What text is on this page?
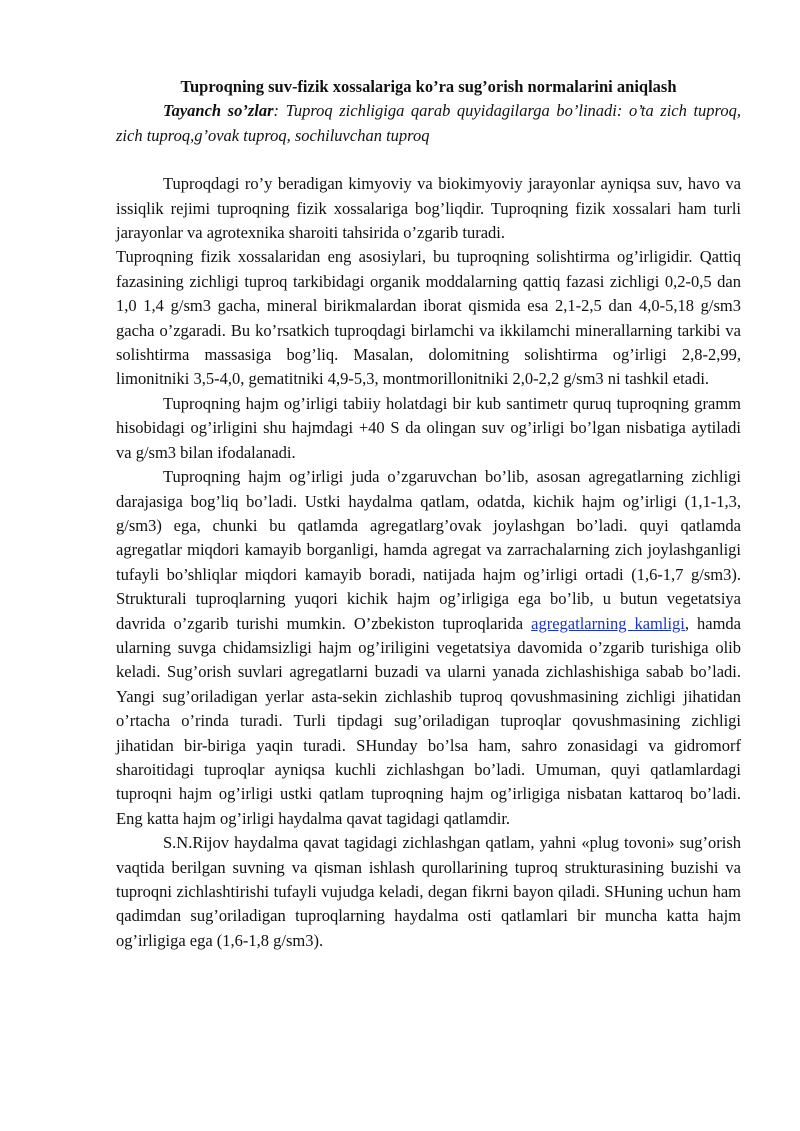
Tuproqning suv-fizik xossalariga ko’ra sug’orish normalarini aniqlash

Tayanch so’zlar: Tuproq zichligiga qarab quyidagilarga bo’linadi: o’ta zich tuproq, zich tuproq,g’ovak tuproq, sochiluvchan tuproq

Tuproqdagi ro’y beradigan kimyoviy va biokimyoviy jarayonlar ayniqsa suv, havo va issiqlik rejimi tuproqning fizik xossalariga bog’liqdir. Tuproqning fizik xossalari ham turli jarayonlar va agrotexnika sharoiti tahsirida o’zgarib turadi.

Tuproqning fizik xossalaridan eng asosiylari, bu tuproqning solishtirma og’irligidir. Qattiq fazasining zichligi tuproq tarkibidagi organik moddalarning qattiq fazasi zichligi 0,2-0,5 dan 1,0 1,4 g/sm3 gacha, mineral birikmalardan iborat qismida esa 2,1-2,5 dan 4,0-5,18 g/sm3 gacha o’zgaradi. Bu ko’rsatkich tuproqdagi birlamchi va ikkilamchi minerallarning tarkibi va solishtirma massasiga bog’liq. Masalan, dolomitning solishtirma og’irligi 2,8-2,99, limonitniki 3,5-4,0, gematitniki 4,9-5,3, montmorillonitniki 2,0-2,2 g/sm3 ni tashkil etadi.

Tuproqning hajm og’irligi tabiiy holatdagi bir kub santimetr quruq tuproqning gramm hisobidagi og’irligini shu hajmdagi +40 S da olingan suv og’irligi bo’lgan nisbatiga aytiladi va g/sm3 bilan ifodalanadi.

Tuproqning hajm og’irligi juda o’zgaruvchan bo’lib, asosan agregatlarning zichligi darajasiga bog’liq bo’ladi. Ustki haydalma qatlam, odatda, kichik hajm og’irligi (1,1-1,3, g/sm3) ega, chunki bu qatlamda agregatlarg’ovak joylashgan bo’ladi. quyi qatlamda agregatlar miqdori kamayib borganligi, hamda agregat va zarrachalarning zich joylashganligi tufayli bo’shliqlar miqdori kamayib boradi, natijada hajm og’irligi ortadi (1,6-1,7 g/sm3). Strukturali tuproqlarning yuqori kichik hajm og’irligiga ega bo’lib, u butun vegetatsiya davrida o’zgarib turishi mumkin. O’zbekiston tuproqlarida agregatlarning kamligi, hamda ularning suvga chidamsizligi hajm og’iriligini vegetatsiya davomida o’zgarib turishiga olib keladi. Sug’orish suvlari agregatlarni buzadi va ularni yanada zichlashishiga sabab bo’ladi. Yangi sug’oriladigan yerlar asta-sekin zichlashib tuproq qovushmasining zichligi jihatidan o’rtacha o’rinda turadi. Turli tipdagi sug’oriladigan tuproqlar qovushmasining zichligi jihatidan bir-biriga yaqin turadi. SHunday bo’lsa ham, sahro zonasidagi va gidromorf sharoitidagi tuproqlar ayniqsa kuchli zichlashgan bo’ladi. Umuman, quyi qatlamlardagi tuproqni hajm og’irligi ustki qatlam tuproqning hajm og’irligiga nisbatan kattaroq bo’ladi. Eng katta hajm og’irligi haydalma qavat tagidagi qatlamdir.

S.N.Rijov haydalma qavat tagidagi zichlashgan qatlam, yahni «plug tovoni» sug’orish vaqtida berilgan suvning va qisman ishlash qurollarining tuproq strukturasining buzishi va tuproqni zichlashtirishi tufayli vujudga keladi, degan fikrni bayon qiladi. SHuning uchun ham qadimdan sug’oriladigan tuproqlarning haydalma osti qatlamlari bir muncha katta hajm og’irligiga ega (1,6-1,8 g/sm3).
